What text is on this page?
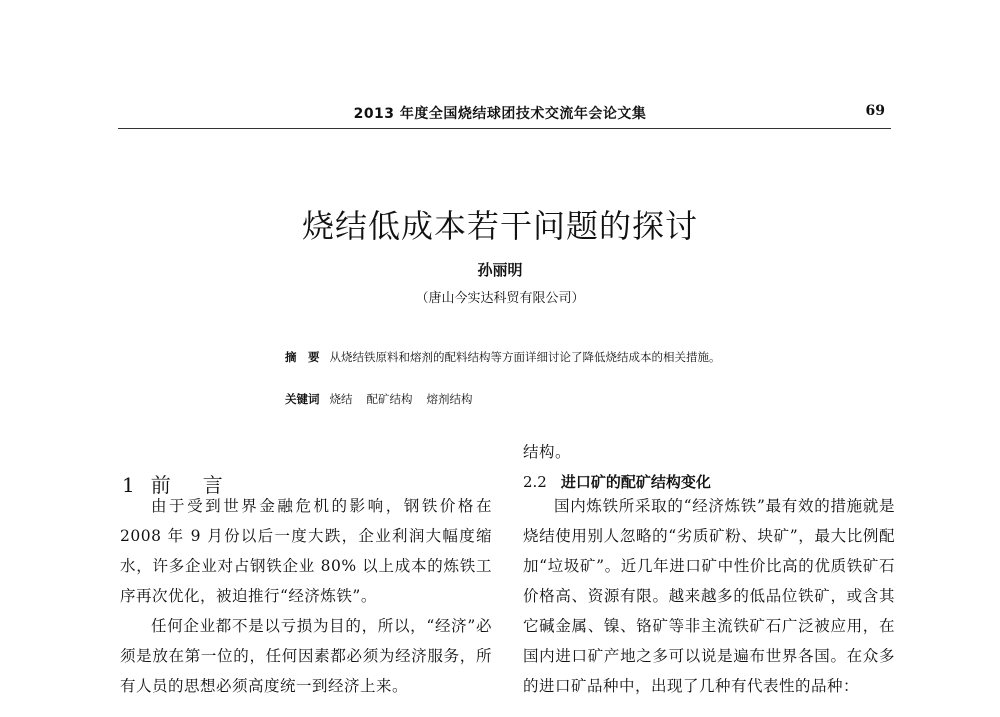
2013 年度全国烧结球团技术交流年会论文集	69
烧结低成本若干问题的探讨
孙丽明
（唐山今实达科贸有限公司）
摘　要 从烧结铁原料和熔剂的配料结构等方面详细讨论了降低烧结成本的相关措施。
关键词 烧结 配矿结构 熔剂结构
1 前　言

由于受到世界金融危机的影响，钢铁价格在 2008 年 9 月份以后一度大跌，企业利润大幅度缩水，许多企业对占钢铁企业 80% 以上成本的炼铁工序再次优化，被迫推行“经济炼铁”。

任何企业都不是以亏损为目的，所以，“经济”必须是放在第一位的，任何因素都必须为经济服务，所有人员的思想必须高度统一到经济上来。

结构。

2.2 进口矿的配矿结构变化

国内炼铁所采取的“经济炼铁”最有效的措施就是烧结使用别人忽略的“劣质矿粉、块矿”，最大比例配加“垃圾矿”。近几年进口矿中性价比高的优质铁矿石价格高、资源有限。越来越多的低品位铁矿，或含其它碱金属、镍、铬矿等非主流铁矿石广泛被应用，在国内进口矿产地之多可以说是遍布世界各国。在众多的进口矿品种中，出现了几种有代表性的品种：
